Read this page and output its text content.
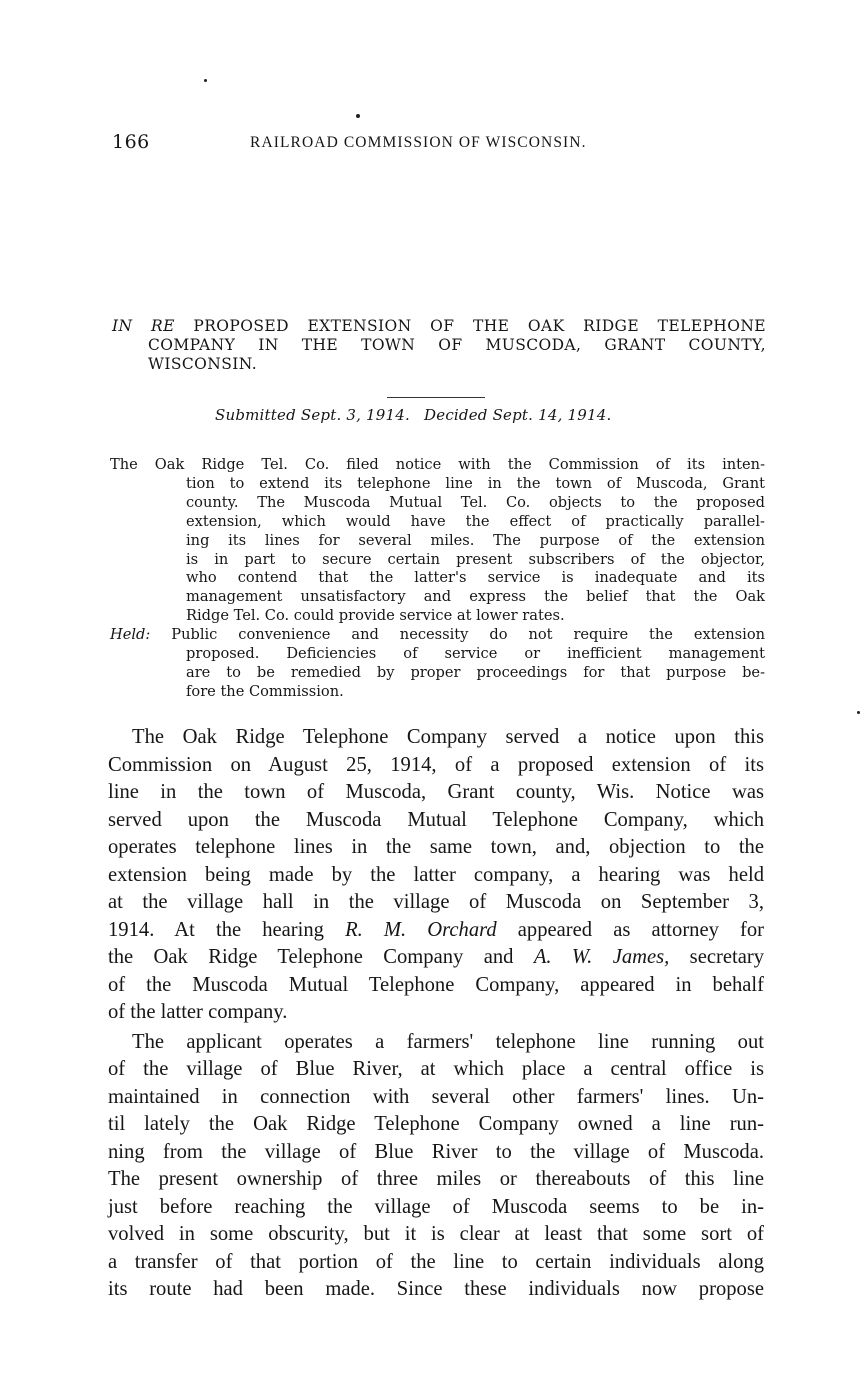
166	RAILROAD COMMISSION OF WISCONSIN.
IN RE PROPOSED EXTENSION OF THE OAK RIDGE TELEPHONE
COMPANY IN THE TOWN OF MUSCODA, GRANT COUNTY,
WISCONSIN.
Submitted Sept. 3, 1914. Decided Sept. 14, 1914.
The Oak Ridge Tel. Co. filed notice with the Commission of its inten-
tion to extend its telephone line in the town of Muscoda, Grant
county. The Muscoda Mutual Tel. Co. objects to the proposed
extension, which would have the effect of practically parallel-
ing its lines for several miles. The purpose of the extension
is in part to secure certain present subscribers of the objector,
who contend that the latter's service is inadequate and its
management unsatisfactory and express the belief that the Oak
Ridge Tel. Co. could provide service at lower rates.
Held: Public convenience and necessity do not require the extension
proposed. Deficiencies of service or inefficient management
are to be remedied by proper proceedings for that purpose be-
fore the Commission.
The Oak Ridge Telephone Company served a notice upon this
Commission on August 25, 1914, of a proposed extension of its
line in the town of Muscoda, Grant county, Wis. Notice was
served upon the Muscoda Mutual Telephone Company, which
operates telephone lines in the same town, and, objection to the
extension being made by the latter company, a hearing was held
at the village hall in the village of Muscoda on September 3,
1914. At the hearing R. M. Orchard appeared as attorney for
the Oak Ridge Telephone Company and A. W. James, secretary
of the Muscoda Mutual Telephone Company, appeared in behalf
of the latter company.
The applicant operates a farmers' telephone line running out
of the village of Blue River, at which place a central office is
maintained in connection with several other farmers' lines. Un-
til lately the Oak Ridge Telephone Company owned a line run-
ning from the village of Blue River to the village of Muscoda.
The present ownership of three miles or thereabouts of this line
just before reaching the village of Muscoda seems to be in-
volved in some obscurity, but it is clear at least that some sort of
a transfer of that portion of the line to certain individuals along
its route had been made. Since these individuals now propose
